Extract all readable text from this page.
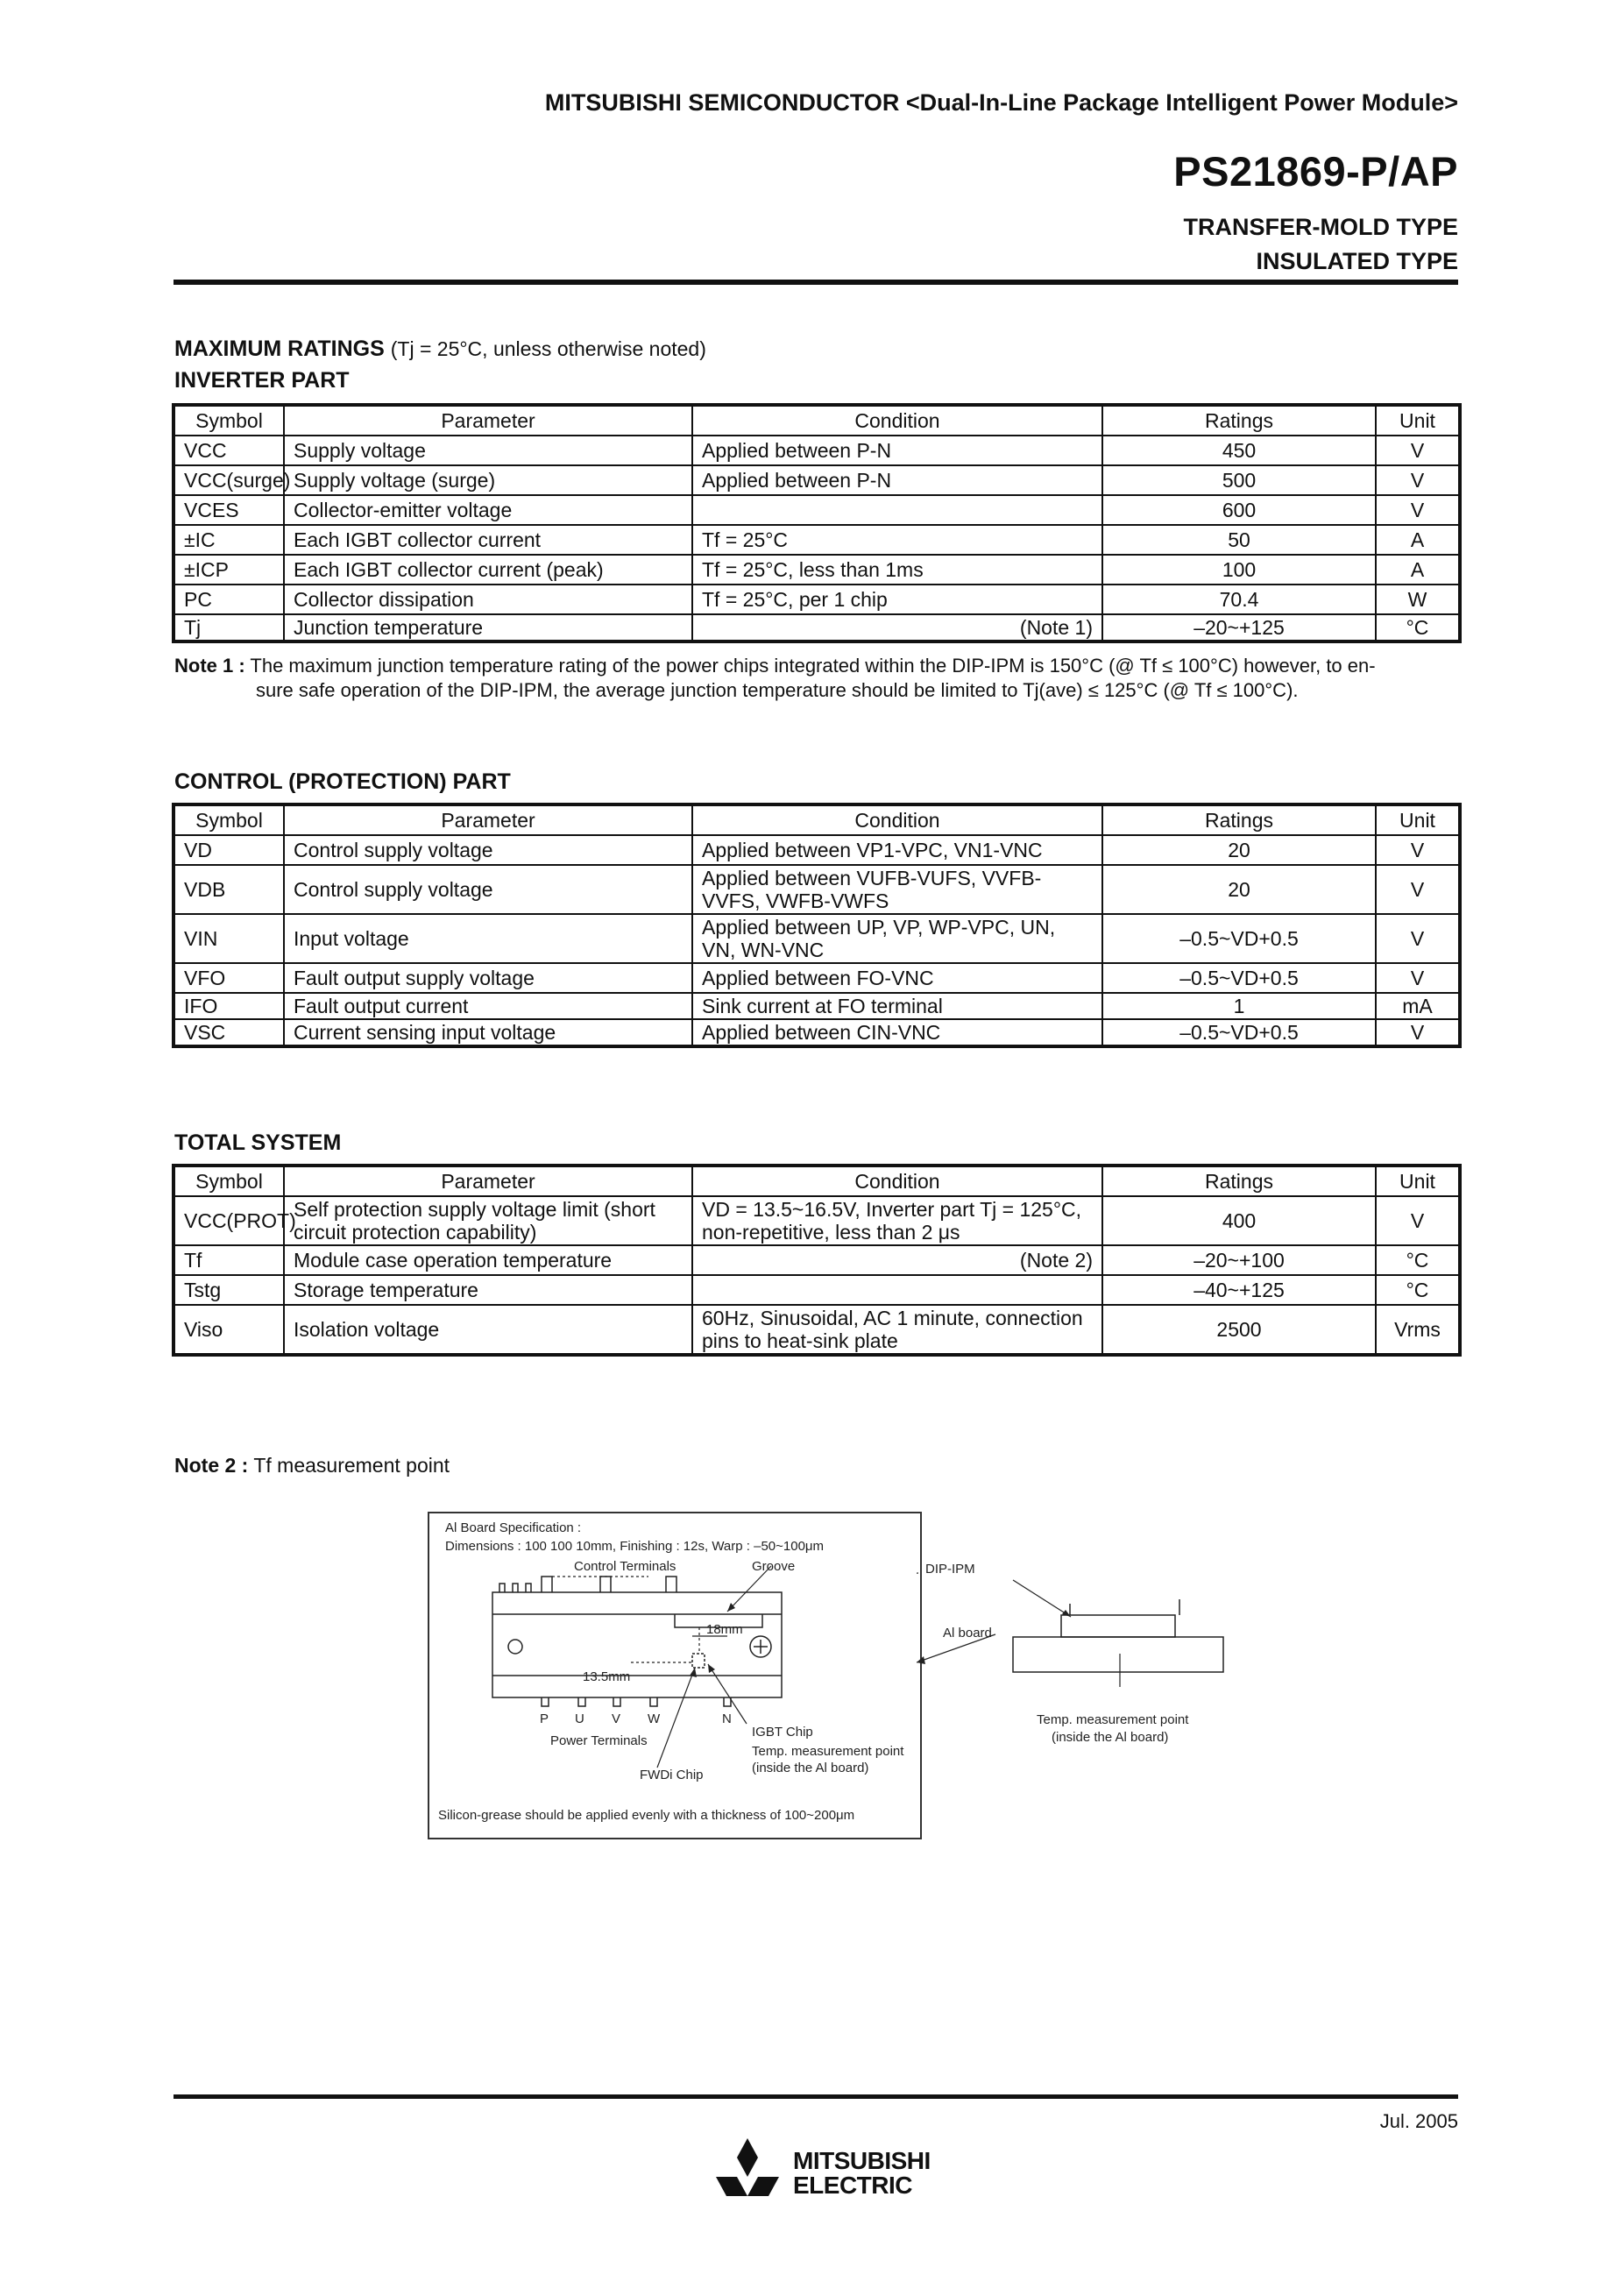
MITSUBISHI SEMICONDUCTOR <Dual-In-Line Package Intelligent Power Module>
PS21869-P/AP
TRANSFER-MOLD TYPE
INSULATED TYPE
MAXIMUM RATINGS (Tj = 25°C, unless otherwise noted)
INVERTER PART
Symbol	Parameter	Condition	Ratings	Unit
VCC	Supply voltage	Applied between P-N	450	V
VCC(surge)	Supply voltage (surge)	Applied between P-N	500	V
VCES	Collector-emitter voltage		600	V
±IC	Each IGBT collector current	Tf = 25°C	50	A
±ICP	Each IGBT collector current (peak)	Tf = 25°C, less than 1ms	100	A
PC	Collector dissipation	Tf = 25°C, per 1 chip	70.4	W
Tj	Junction temperature	(Note 1)	–20~+125	°C
Note 1 : The maximum junction temperature rating of the power chips integrated within the DIP-IPM is 150°C (@ Tf ≤ 100°C) however, to en-
sure safe operation of the DIP-IPM, the average junction temperature should be limited to Tj(ave) ≤ 125°C (@ Tf ≤ 100°C).
CONTROL (PROTECTION) PART
Symbol	Parameter	Condition	Ratings	Unit
VD	Control supply voltage	Applied between VP1-VPC, VN1-VNC	20	V
VDB	Control supply voltage	Applied between VUFB-VUFS, VVFB-VVFS, VWFB-VWFS	20	V
VIN	Input voltage	Applied between UP, VP, WP-VPC, UN, VN, WN-VNC	–0.5~VD+0.5	V
VFO	Fault output supply voltage	Applied between FO-VNC	–0.5~VD+0.5	V
IFO	Fault output current	Sink current at FO terminal	1	mA
VSC	Current sensing input voltage	Applied between CIN-VNC	–0.5~VD+0.5	V
TOTAL SYSTEM
Symbol	Parameter	Condition	Ratings	Unit
VCC(PROT)	Self protection supply voltage limit (short circuit protection capability)	VD = 13.5~16.5V, Inverter part Tj = 125°C, non-repetitive, less than 2 μs	400	V
Tf	Module case operation temperature	(Note 2)	–20~+100	°C
Tstg	Storage temperature		–40~+125	°C
Viso	Isolation voltage	60Hz, Sinusoidal, AC 1 minute, connection pins to heat-sink plate	2500	Vrms
Note 2 : Tf measurement point
Al Board Specification :
Dimensions : 100 100 10mm, Finishing : 12s, Warp : –50~100μm
Control Terminals	Groove
18mm
13.5mm
P U V W	N
Power Terminals
IGBT Chip
Temp. measurement point
(inside the Al board)
FWDi Chip
Silicon-grease should be applied evenly with a thickness of 100~200μm
DIP-IPM
Al board
Temp. measurement point
(inside the Al board)
Jul. 2005
MITSUBISHI
ELECTRIC
